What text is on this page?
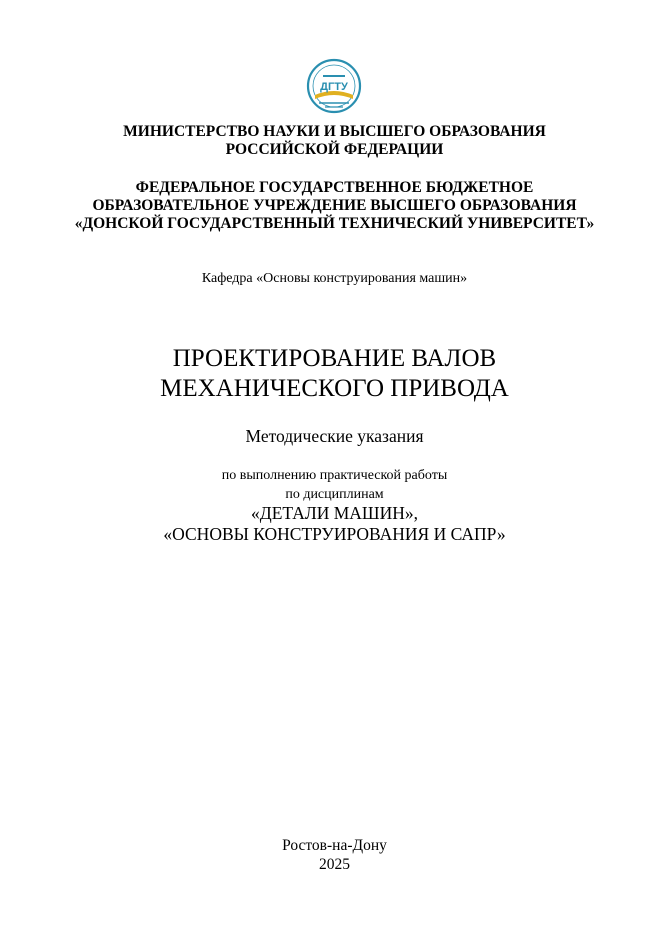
ДГТУ
МИНИСТЕРСТВО НАУКИ И ВЫСШЕГО ОБРАЗОВАНИЯ
РОССИЙСКОЙ ФЕДЕРАЦИИ
ФЕДЕРАЛЬНОЕ ГОСУДАРСТВЕННОЕ БЮДЖЕТНОЕ
ОБРАЗОВАТЕЛЬНОЕ УЧРЕЖДЕНИЕ ВЫСШЕГО ОБРАЗОВАНИЯ
«ДОНСКОЙ ГОСУДАРСТВЕННЫЙ ТЕХНИЧЕСКИЙ УНИВЕРСИТЕТ»
Кафедра «Основы конструирования машин»
ПРОЕКТИРОВАНИЕ ВАЛОВ
МЕХАНИЧЕСКОГО ПРИВОДА
Методические указания
по выполнению практической работы
по дисциплинам
«ДЕТАЛИ МАШИН»,
«ОСНОВЫ КОНСТРУИРОВАНИЯ И САПР»
Ростов-на-Дону
2025
